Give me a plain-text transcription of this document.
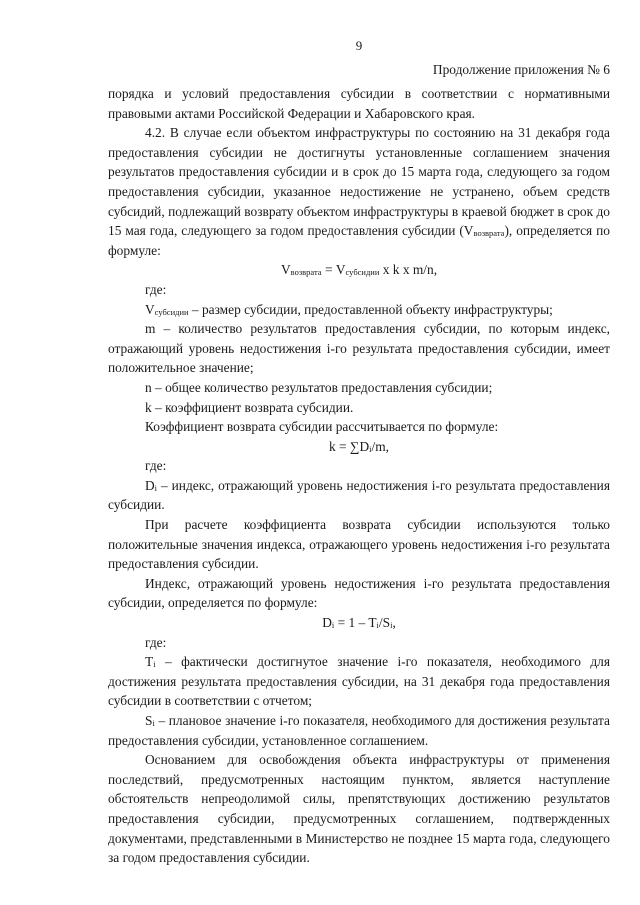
9
Продолжение приложения № 6

порядка и условий предоставления субсидии в соответствии с нормативными правовыми актами Российской Федерации и Хабаровского края.

4.2. В случае если объектом инфраструктуры по состоянию на 31 декабря года предоставления субсидии не достигнуты установленные соглашением значения результатов предоставления субсидии и в срок до 15 марта года, следующего за годом предоставления субсидии, указанное недостижение не устранено, объем средств субсидий, подлежащий возврату объектом инфраструктуры в краевой бюджет в срок до 15 мая года, следующего за годом предоставления субсидии $(V_{возврата})$, определяется по формуле:

$V_{возврата} = V_{субсидии}$ x k x m/n,

где:

$V_{субсидии}$ – размер субсидии, предоставленной объекту инфраструктуры;

m – количество результатов предоставления субсидии, по которым индекс, отражающий уровень недостижения i-го результата предоставления субсидии, имеет положительное значение;

n – общее количество результатов предоставления субсидии;

k – коэффициент возврата субсидии.

Коэффициент возврата субсидии рассчитывается по формуле:

$k = \sum D_i/m$,

где:

$D_i$ – индекс, отражающий уровень недостижения i-го результата предоставления субсидии.

При расчете коэффициента возврата субсидии используются только положительные значения индекса, отражающего уровень недостижения i-го результата предоставления субсидии.

Индекс, отражающий уровень недостижения i-го результата предоставления субсидии, определяется по формуле:

$D_i = 1 - T_i/S_i$,

где:

$T_i$ – фактически достигнутое значение i-го показателя, необходимого для достижения результата предоставления субсидии, на 31 декабря года предоставления субсидии в соответствии с отчетом;

$S_i$ – плановое значение i-го показателя, необходимого для достижения результата предоставления субсидии, установленное соглашением.

Основанием для освобождения объекта инфраструктуры от применения последствий, предусмотренных настоящим пунктом, является наступление обстоятельств непреодолимой силы, препятствующих достижению результатов предоставления субсидии, предусмотренных соглашением, подтвержденных документами, представленными в Министерство не позднее 15 марта года, следующего за годом предоставления субсидии.
